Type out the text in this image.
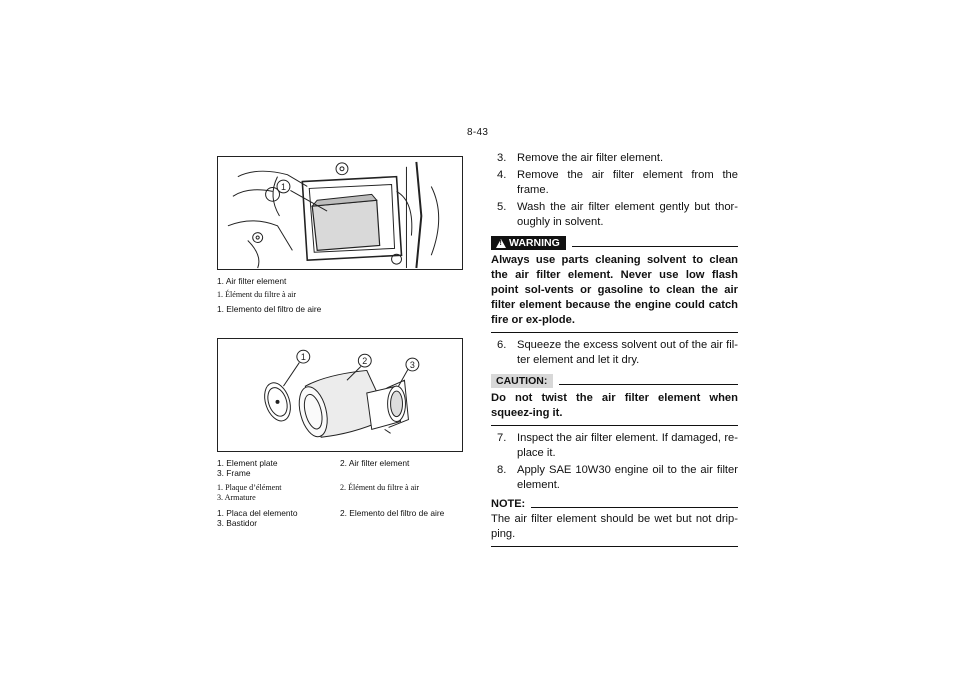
8-43
1
1. Air filter element
1. Élément du filtre à air
1. Elemento del filtro de aire
1	2	3
1. Element plate	2. Air filter element
3. Frame
1. Plaque d’élément	2. Élément du filtre à air
3. Armature
1. Placa del elemento	2. Elemento del filtro de aire
3. Bastidor
3. Remove the air filter element.
4. Remove the air filter element from the frame.
5. Wash the air filter element gently but thor-oughly in solvent.
!
WARNING
Always use parts cleaning solvent to clean the air filter element. Never use low flash point sol-vents or gasoline to clean the air filter element because the engine could catch fire or ex-plode.
6. Squeeze the excess solvent out of the air fil-ter element and let it dry.
CAUTION:
Do not twist the air filter element when squeez-ing it.
7. Inspect the air filter element. If damaged, re-place it.
8. Apply SAE 10W30 engine oil to the air filter element.
NOTE:
The air filter element should be wet but not drip-ping.
